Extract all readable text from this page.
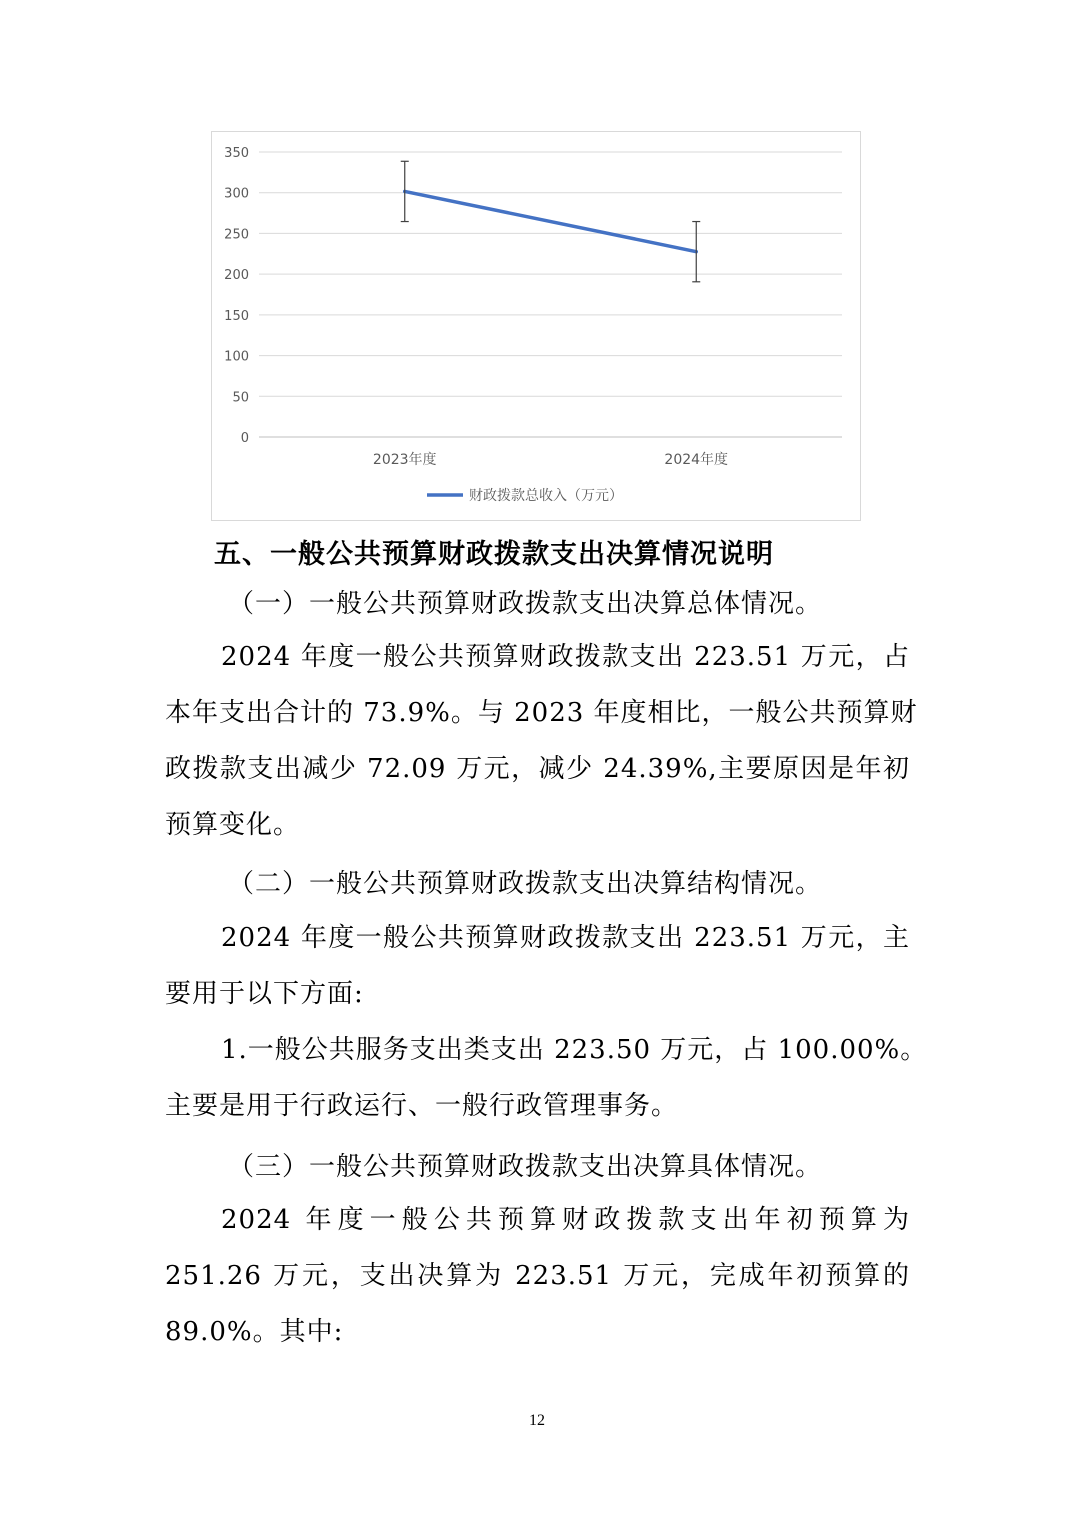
0
50
100
150
200
250
300
350
2023年度	2024年度
财政拨款总收入（万元）
五、一般公共预算财政拨款支出决算情况说明
（一）一般公共预算财政拨款支出决算总体情况。
2024 年度一般公共预算财政拨款支出 223.51 万元，占
本年支出合计的 73.9%。与 2023 年度相比，一般公共预算财
政拨款支出减少 72.09 万元，减少 24.39%,主要原因是年初
预算变化。
（二）一般公共预算财政拨款支出决算结构情况。
2024 年度一般公共预算财政拨款支出 223.51 万元，主
要用于以下方面:
1.一般公共服务支出类支出 223.50 万元，占 100.00%。
主要是用于行政运行、一般行政管理事务。
（三）一般公共预算财政拨款支出决算具体情况。
2024 年度一般公共预算财政拨款支出年初预算为
251.26 万元，支出决算为 223.51 万元，完成年初预算的
89.0%。其中:
12
